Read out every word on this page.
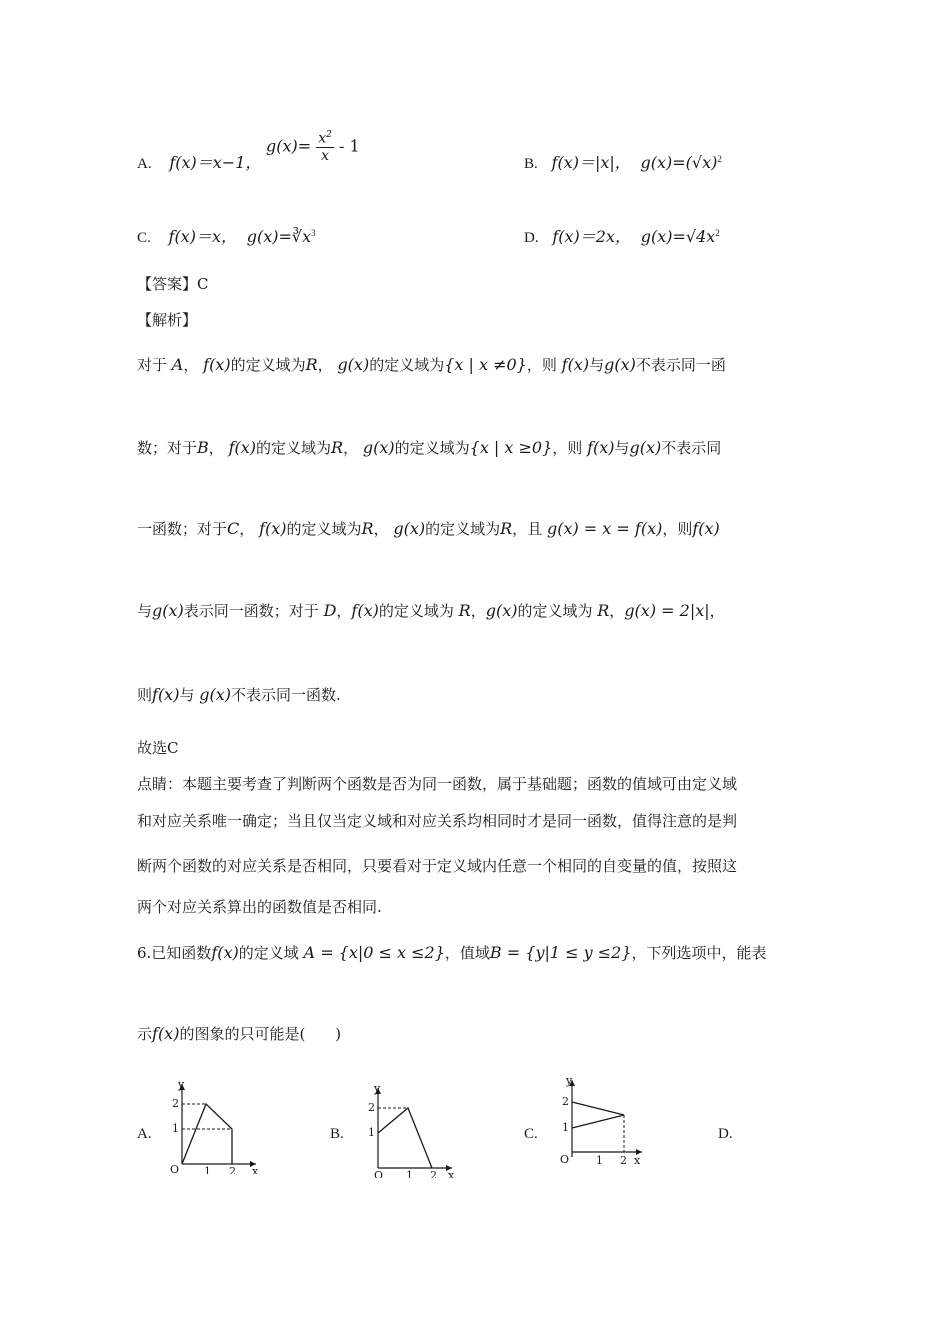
A. f(x)＝x−1，
$g(x)= \frac{x^2}{x} - 1$
B. f(x)＝|x|， $g(x)=(√x)^2$
C. f(x)＝x， $g(x)=∛x^3$	D. f(x)＝2x， $g(x)=√4x^2$
【答案】C
【解析】
对于 A， f(x)的定义域为R， g(x)的定义域为{x | x ≠0}，则 f(x)与g(x)不表示同一函
数；对于B， f(x)的定义域为R， g(x)的定义域为{x | x ≥0}，则 f(x)与g(x)不表示同
一函数；对于C， f(x)的定义域为R， g(x)的定义域为R，且 g(x) = x = f(x)，则f(x)
与g(x)表示同一函数；对于 D，f(x)的定义域为 R，g(x)的定义域为 R，g(x) = 2|x|，
则f(x)与 g(x)不表示同一函数.
故选C
点睛：本题主要考查了判断两个函数是否为同一函数，属于基础题；函数的值域可由定义域
和对应关系唯一确定；当且仅当定义域和对应关系均相同时才是同一函数，值得注意的是判
断两个函数的对应关系是否相同，只要看对于定义域内任意一个相同的自变量的值，按照这
两个对应关系算出的函数值是否相同.
6.已知函数f(x)的定义域 A = {x|0 ≤ x ≤2}，值域B = {y|1 ≤ y ≤2}，下列选项中，能表
示f(x)的图象的只可能是(　　)
A.	B.	C.	D.
y
x
O
2
1
1 2
y
x
O
2
1
1 2
y
x
O
2
1
1 2
